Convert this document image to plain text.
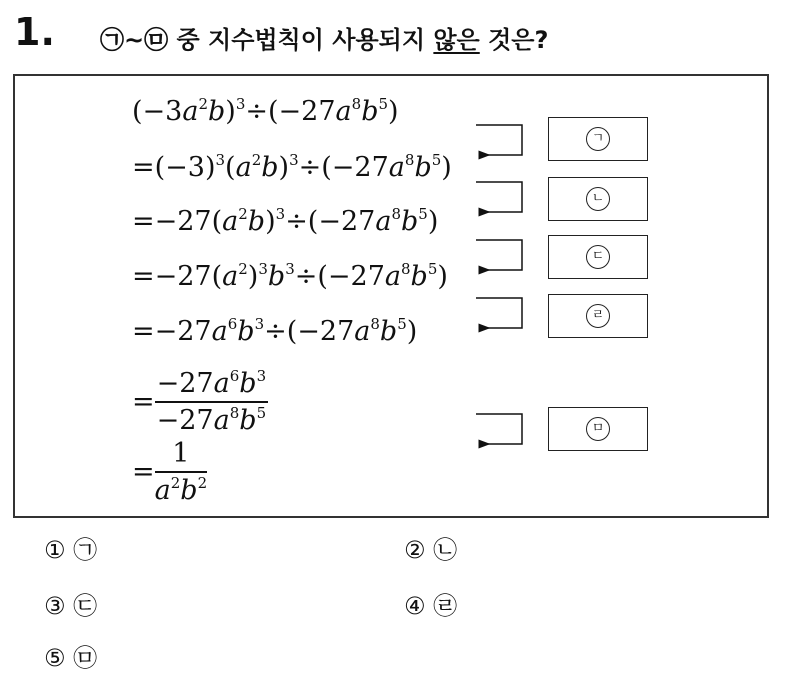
1. ㉠~㉤ 중 지수법칙이 사용되지 않은 것은?
$(-3a^2b)^3\div(-27a^8b^5)$
$=(-3)^3(a^2b)^3\div(-27a^8b^5)$
$=-27(a^2b)^3\div(-27a^8b^5)$
$=-27(a^2)^3b^3\div(-27a^8b^5)$
$=-27a^6b^3\div(-27a^8b^5)$
= $\frac{-27a^6b^3}{-27a^8b^5}$
= $\frac{1}{a^2b^2}$
ㄱ
ㄴ
ㄷ
ㄹ
ㅁ
① ㉠	② ㉡
③ ㉢	④ ㉣
⑤ ㉤
